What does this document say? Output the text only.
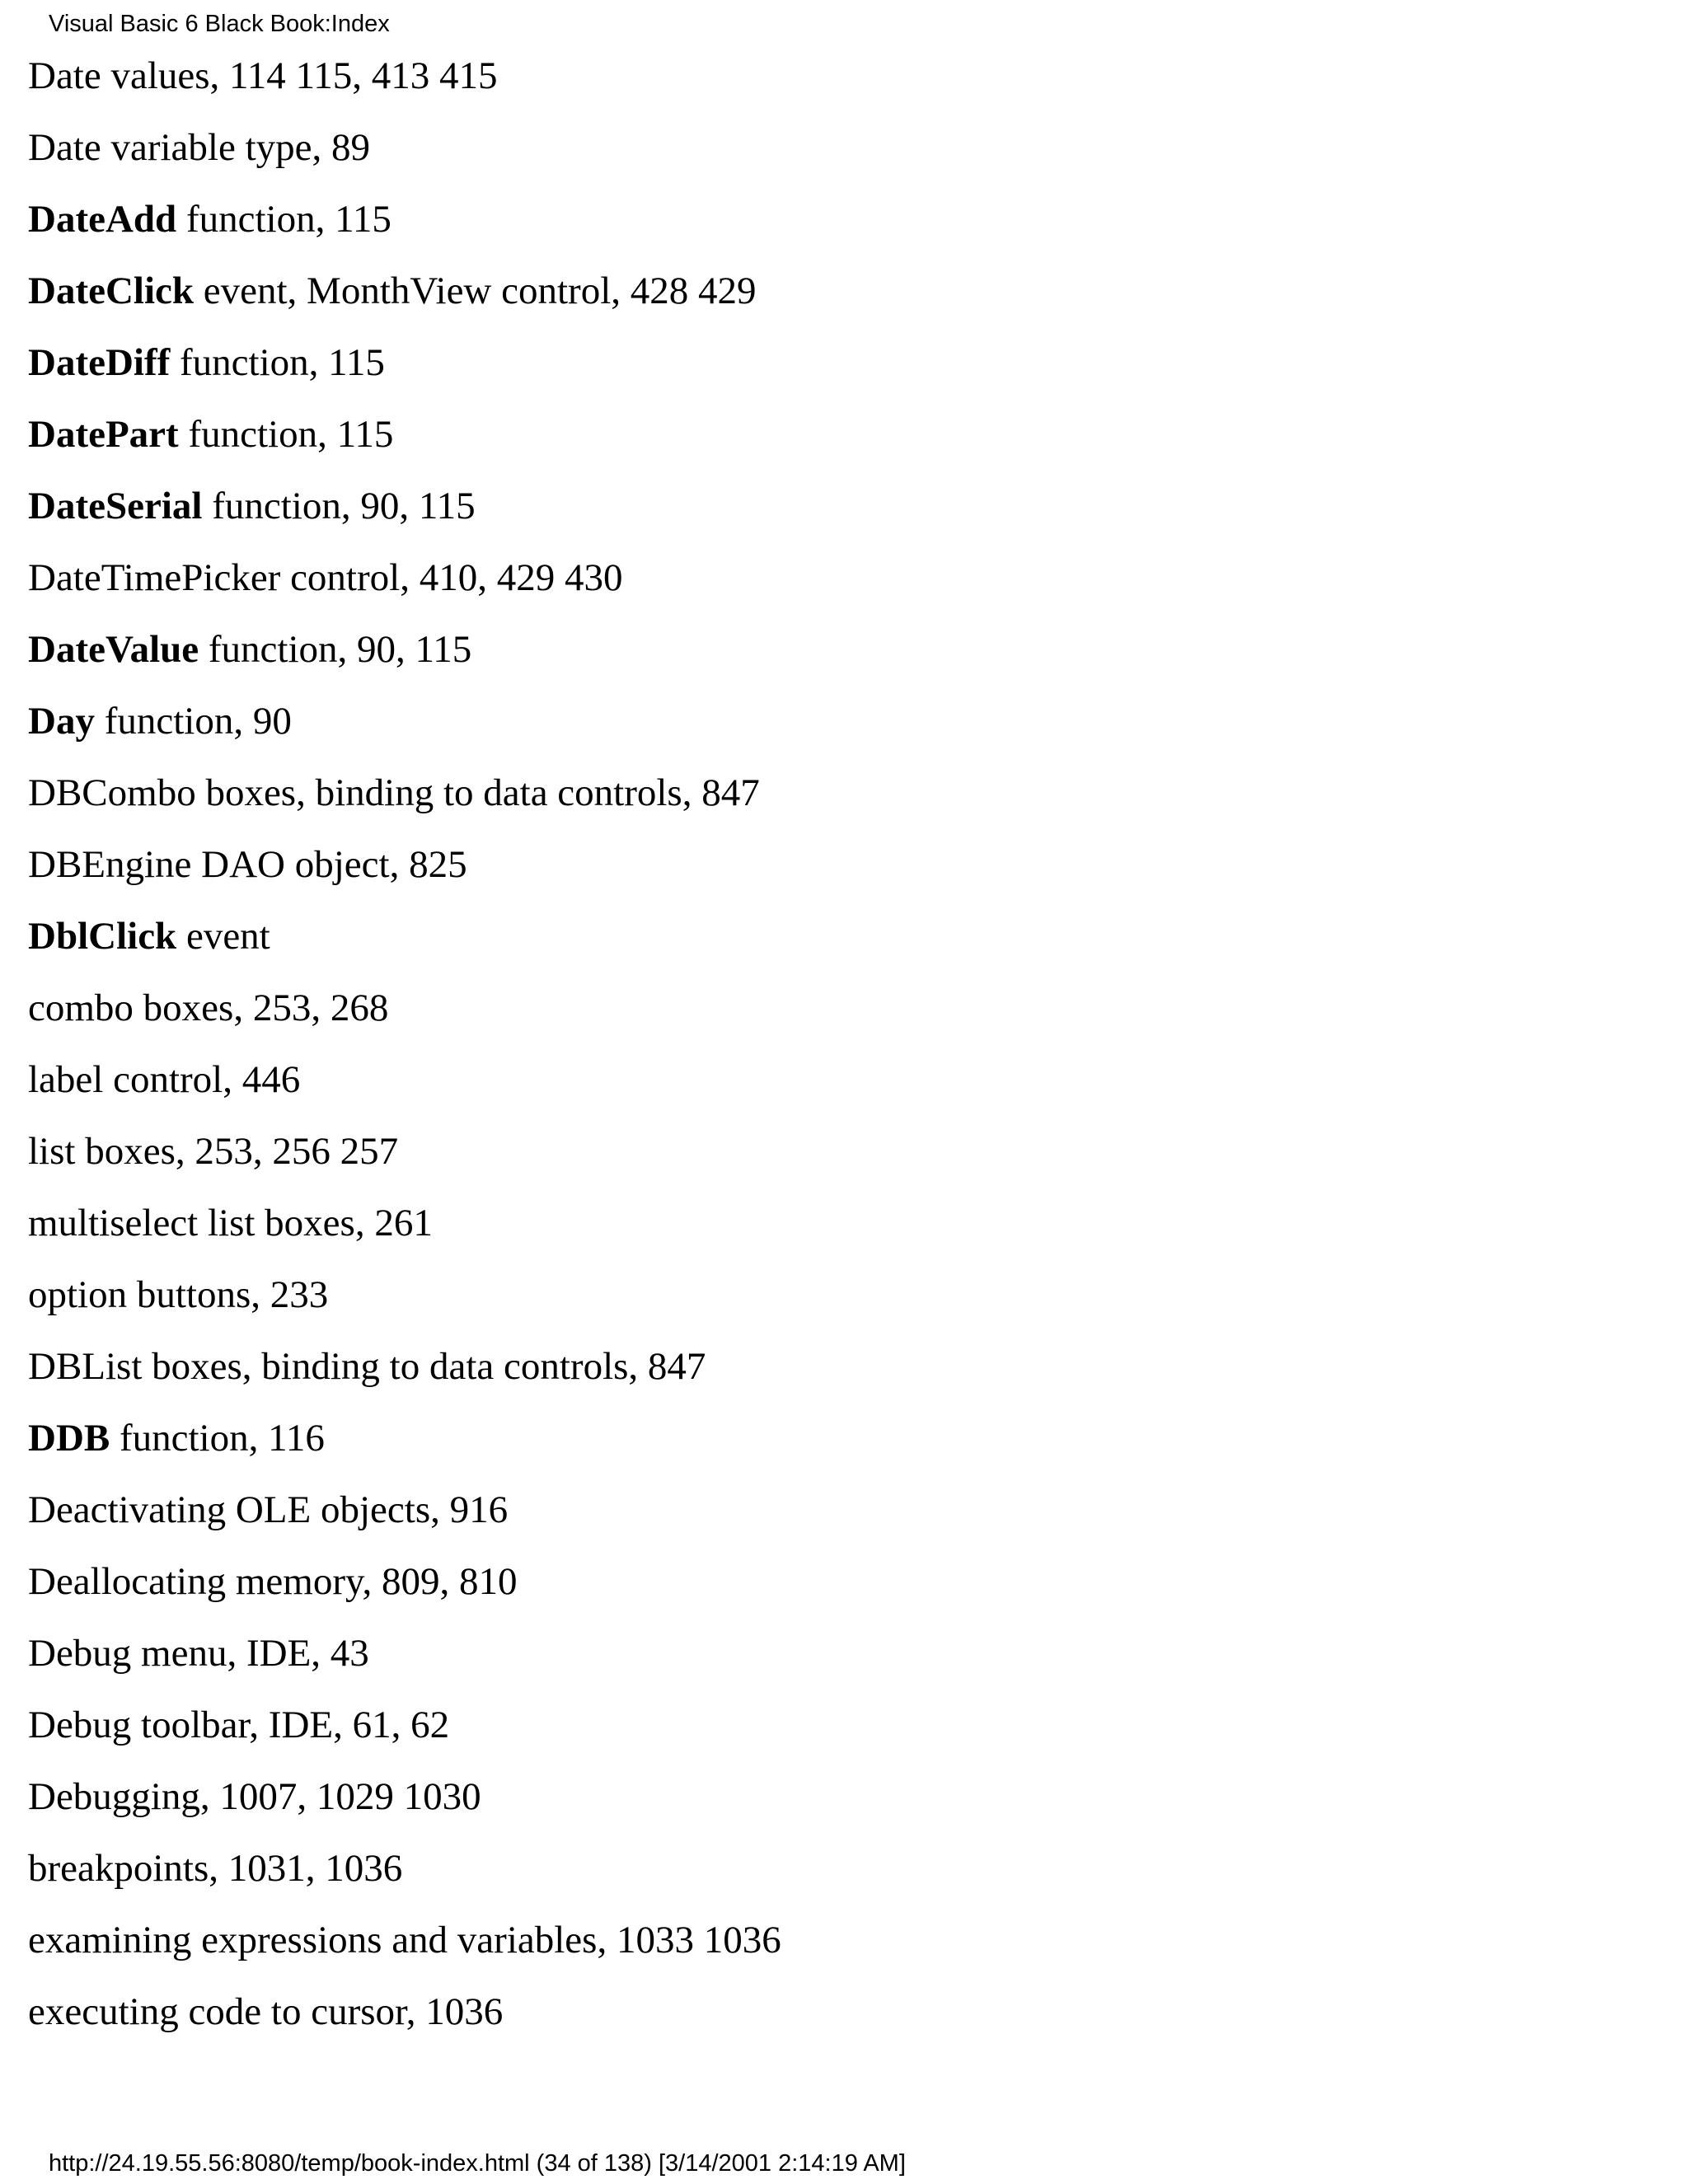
Visual Basic 6 Black Book:Index
Date values, 114 115, 413 415
Date variable type, 89
DateAdd function, 115
DateClick event, MonthView control, 428 429
DateDiff function, 115
DatePart function, 115
DateSerial function, 90, 115
DateTimePicker control, 410, 429 430
DateValue function, 90, 115
Day function, 90
DBCombo boxes, binding to data controls, 847
DBEngine DAO object, 825
DblClick event
combo boxes, 253, 268
label control, 446
list boxes, 253, 256 257
multiselect list boxes, 261
option buttons, 233
DBList boxes, binding to data controls, 847
DDB function, 116
Deactivating OLE objects, 916
Deallocating memory, 809, 810
Debug menu, IDE, 43
Debug toolbar, IDE, 61, 62
Debugging, 1007, 1029 1030
breakpoints, 1031, 1036
examining expressions and variables, 1033 1036
executing code to cursor, 1036
http://24.19.55.56:8080/temp/book-index.html (34 of 138) [3/14/2001 2:14:19 AM]
